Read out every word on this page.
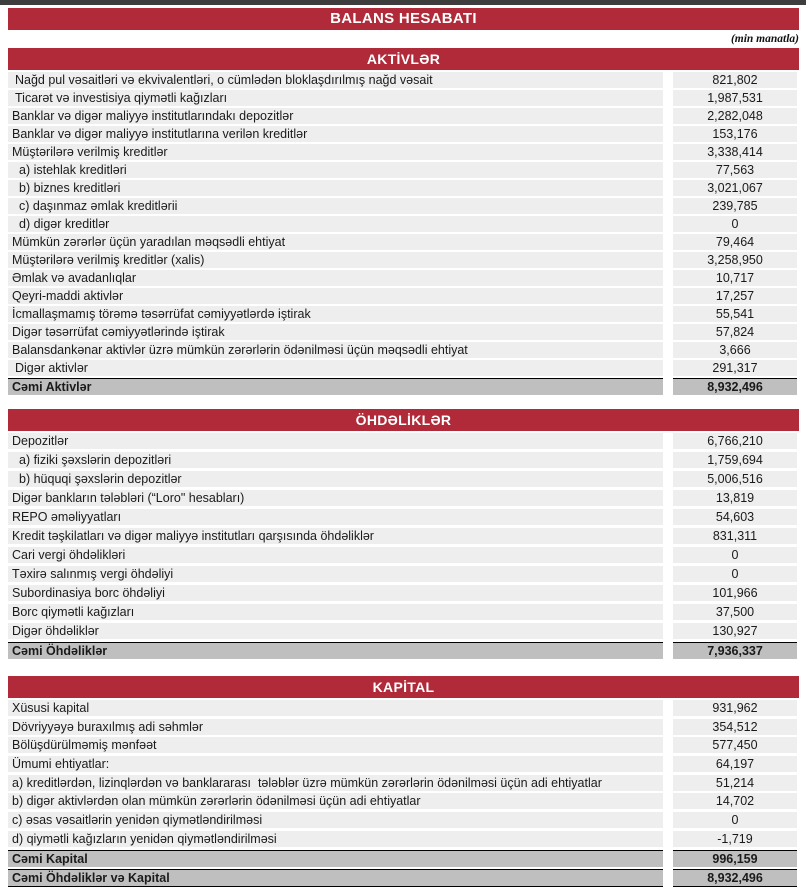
BALANS HESABATI
(min manatla)
AKTİVLƏR
Nağd pul vəsaitləri və ekvivalentləri, o cümlədən bloklaşdırılmış nağd vəsait	821,802
Ticarət və investisiya qiymətli kağızları	1,987,531
Banklar və digər maliyyə institutlarındakı depozitlər	2,282,048
Banklar və digər maliyyə institutlarına verilən kreditlər	153,176
Müştərilərə verilmiş kreditlər	3,338,414
a) istehlak kreditləri	77,563
b) biznes kreditləri	3,021,067
c) daşınmaz əmlak kreditlərii	239,785
d) digər kreditlər	0
Mümkün zərərlər üçün yaradılan məqsədli ehtiyat	79,464
Müştərilərə verilmiş kreditlər (xalis)	3,258,950
Əmlak və avadanlıqlar	10,717
Qeyri-maddi aktivlər	17,257
İcmallaşmamış törəmə təsərrüfat cəmiyyətlərdə iştirak	55,541
Digər təsərrüfat cəmiyyətlərində iştirak	57,824
Balansdankənar aktivlər üzrə mümkün zərərlərin ödənilməsi üçün məqsədli ehtiyat	3,666
Digər aktivlər	291,317
Cəmi Aktivlər	8,932,496
ÖHDƏLİKLƏR
Depozitlər	6,766,210
a) fiziki şəxslərin depozitləri	1,759,694
b) hüquqi şəxslərin depozitlər	5,006,516
Digər bankların tələbləri (“Loro" hesabları)	13,819
REPO əməliyyatları	54,603
Kredit təşkilatları və digər maliyyə institutları qarşısında öhdəliklər	831,311
Cari vergi öhdəlikləri	0
Təxirə salınmış vergi öhdəliyi	0
Subordinasiya borc öhdəliyi	101,966
Borc qiymətli kağızları	37,500
Digər öhdəliklər	130,927
Cəmi Öhdəliklər	7,936,337
KAPİTAL
Xüsusi kapital	931,962
Dövriyyəyə buraxılmış adi səhmlər	354,512
Bölüşdürülməmiş mənfəət	577,450
Ümumi ehtiyatlar:	64,197
a) kreditlərdən, lizinqlərdən və banklararası  tələblər üzrə mümkün zərərlərin ödənilməsi üçün adi ehtiyatlar	51,214
b) digər aktivlərdən olan mümkün zərərlərin ödənilməsi üçün adi ehtiyatlar	14,702
c) əsas vəsaitlərin yenidən qiymətləndirilməsi	0
d) qiymətli kağızların yenidən qiymətləndirilməsi	-1,719
Cəmi Kapital	996,159
Cəmi Öhdəliklər və Kapital	8,932,496
